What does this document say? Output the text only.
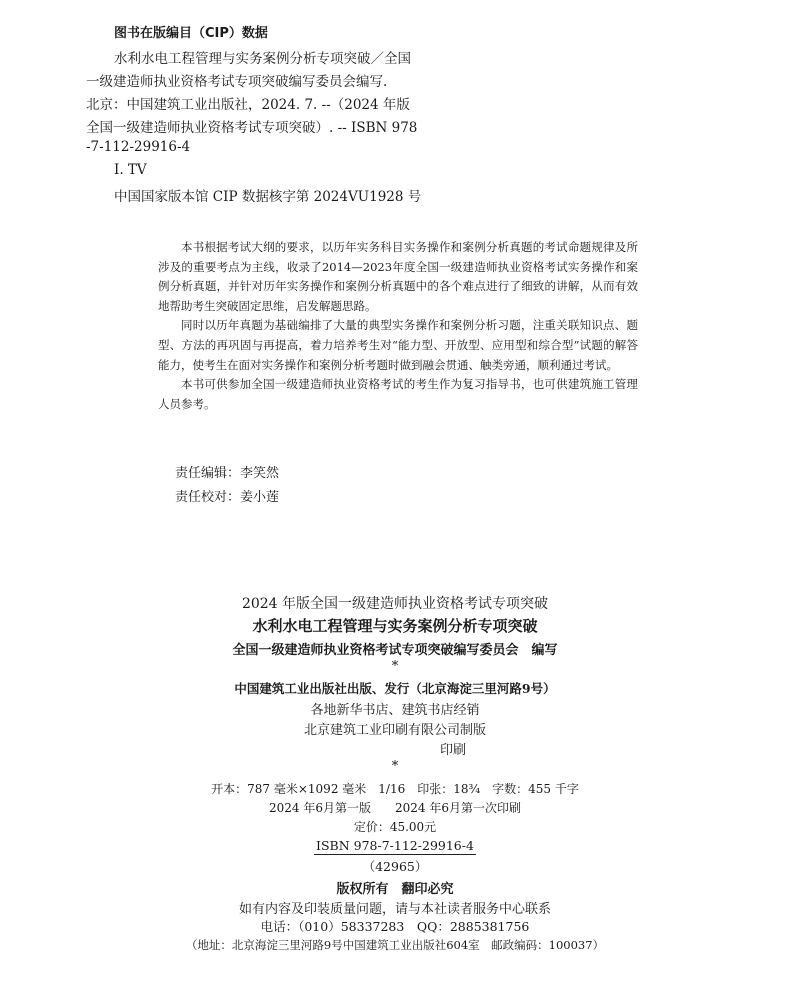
图书在版编目（CIP）数据
水利水电工程管理与实务案例分析专项突破／全国
一级建造师执业资格考试专项突破编写委员会编写.
北京：中国建筑工业出版社，2024. 7. --（2024 年版
全国一级建造师执业资格考试专项突破）. -- ISBN 978
-7-112-29916-4
Ⅰ. TV
中国国家版本馆 CIP 数据核字第 2024VU1928 号

本书根据考试大纲的要求，以历年实务科目实务操作和案例分析真题的考试命题规律及所涉及的重要考点为主线，收录了2014—2023年度全国一级建造师执业资格考试实务操作和案例分析真题，并针对历年实务操作和案例分析真题中的各个难点进行了细致的讲解，从而有效地帮助考生突破固定思维，启发解题思路。

同时以历年真题为基础编排了大量的典型实务操作和案例分析习题，注重关联知识点、题型、方法的再巩固与再提高，着力培养考生对“能力型、开放型、应用型和综合型”试题的解答能力，使考生在面对实务操作和案例分析考题时做到融会贯通、触类旁通，顺利通过考试。

本书可供参加全国一级建造师执业资格考试的考生作为复习指导书，也可供建筑施工管理人员参考。

责任编辑：李笑然
责任校对：姜小莲
2024 年版全国一级建造师执业资格考试专项突破
水利水电工程管理与实务案例分析专项突破
全国一级建造师执业资格考试专项突破编写委员会　编写
*
中国建筑工业出版社出版、发行（北京海淀三里河路9号）
各地新华书店、建筑书店经销
北京建筑工业印刷有限公司制版
印刷
*
开本：787 毫米×1092 毫米　1/16　印张：18¾　字数：455 千字
2024 年6月第一版　　2024 年6月第一次印刷
定价：45.00元
ISBN 978-7-112-29916-4
（42965）
版权所有　翻印必究
如有内容及印装质量问题，请与本社读者服务中心联系
电话：（010）58337283　QQ：2885381756
（地址：北京海淀三里河路9号中国建筑工业出版社604室　邮政编码：100037）
